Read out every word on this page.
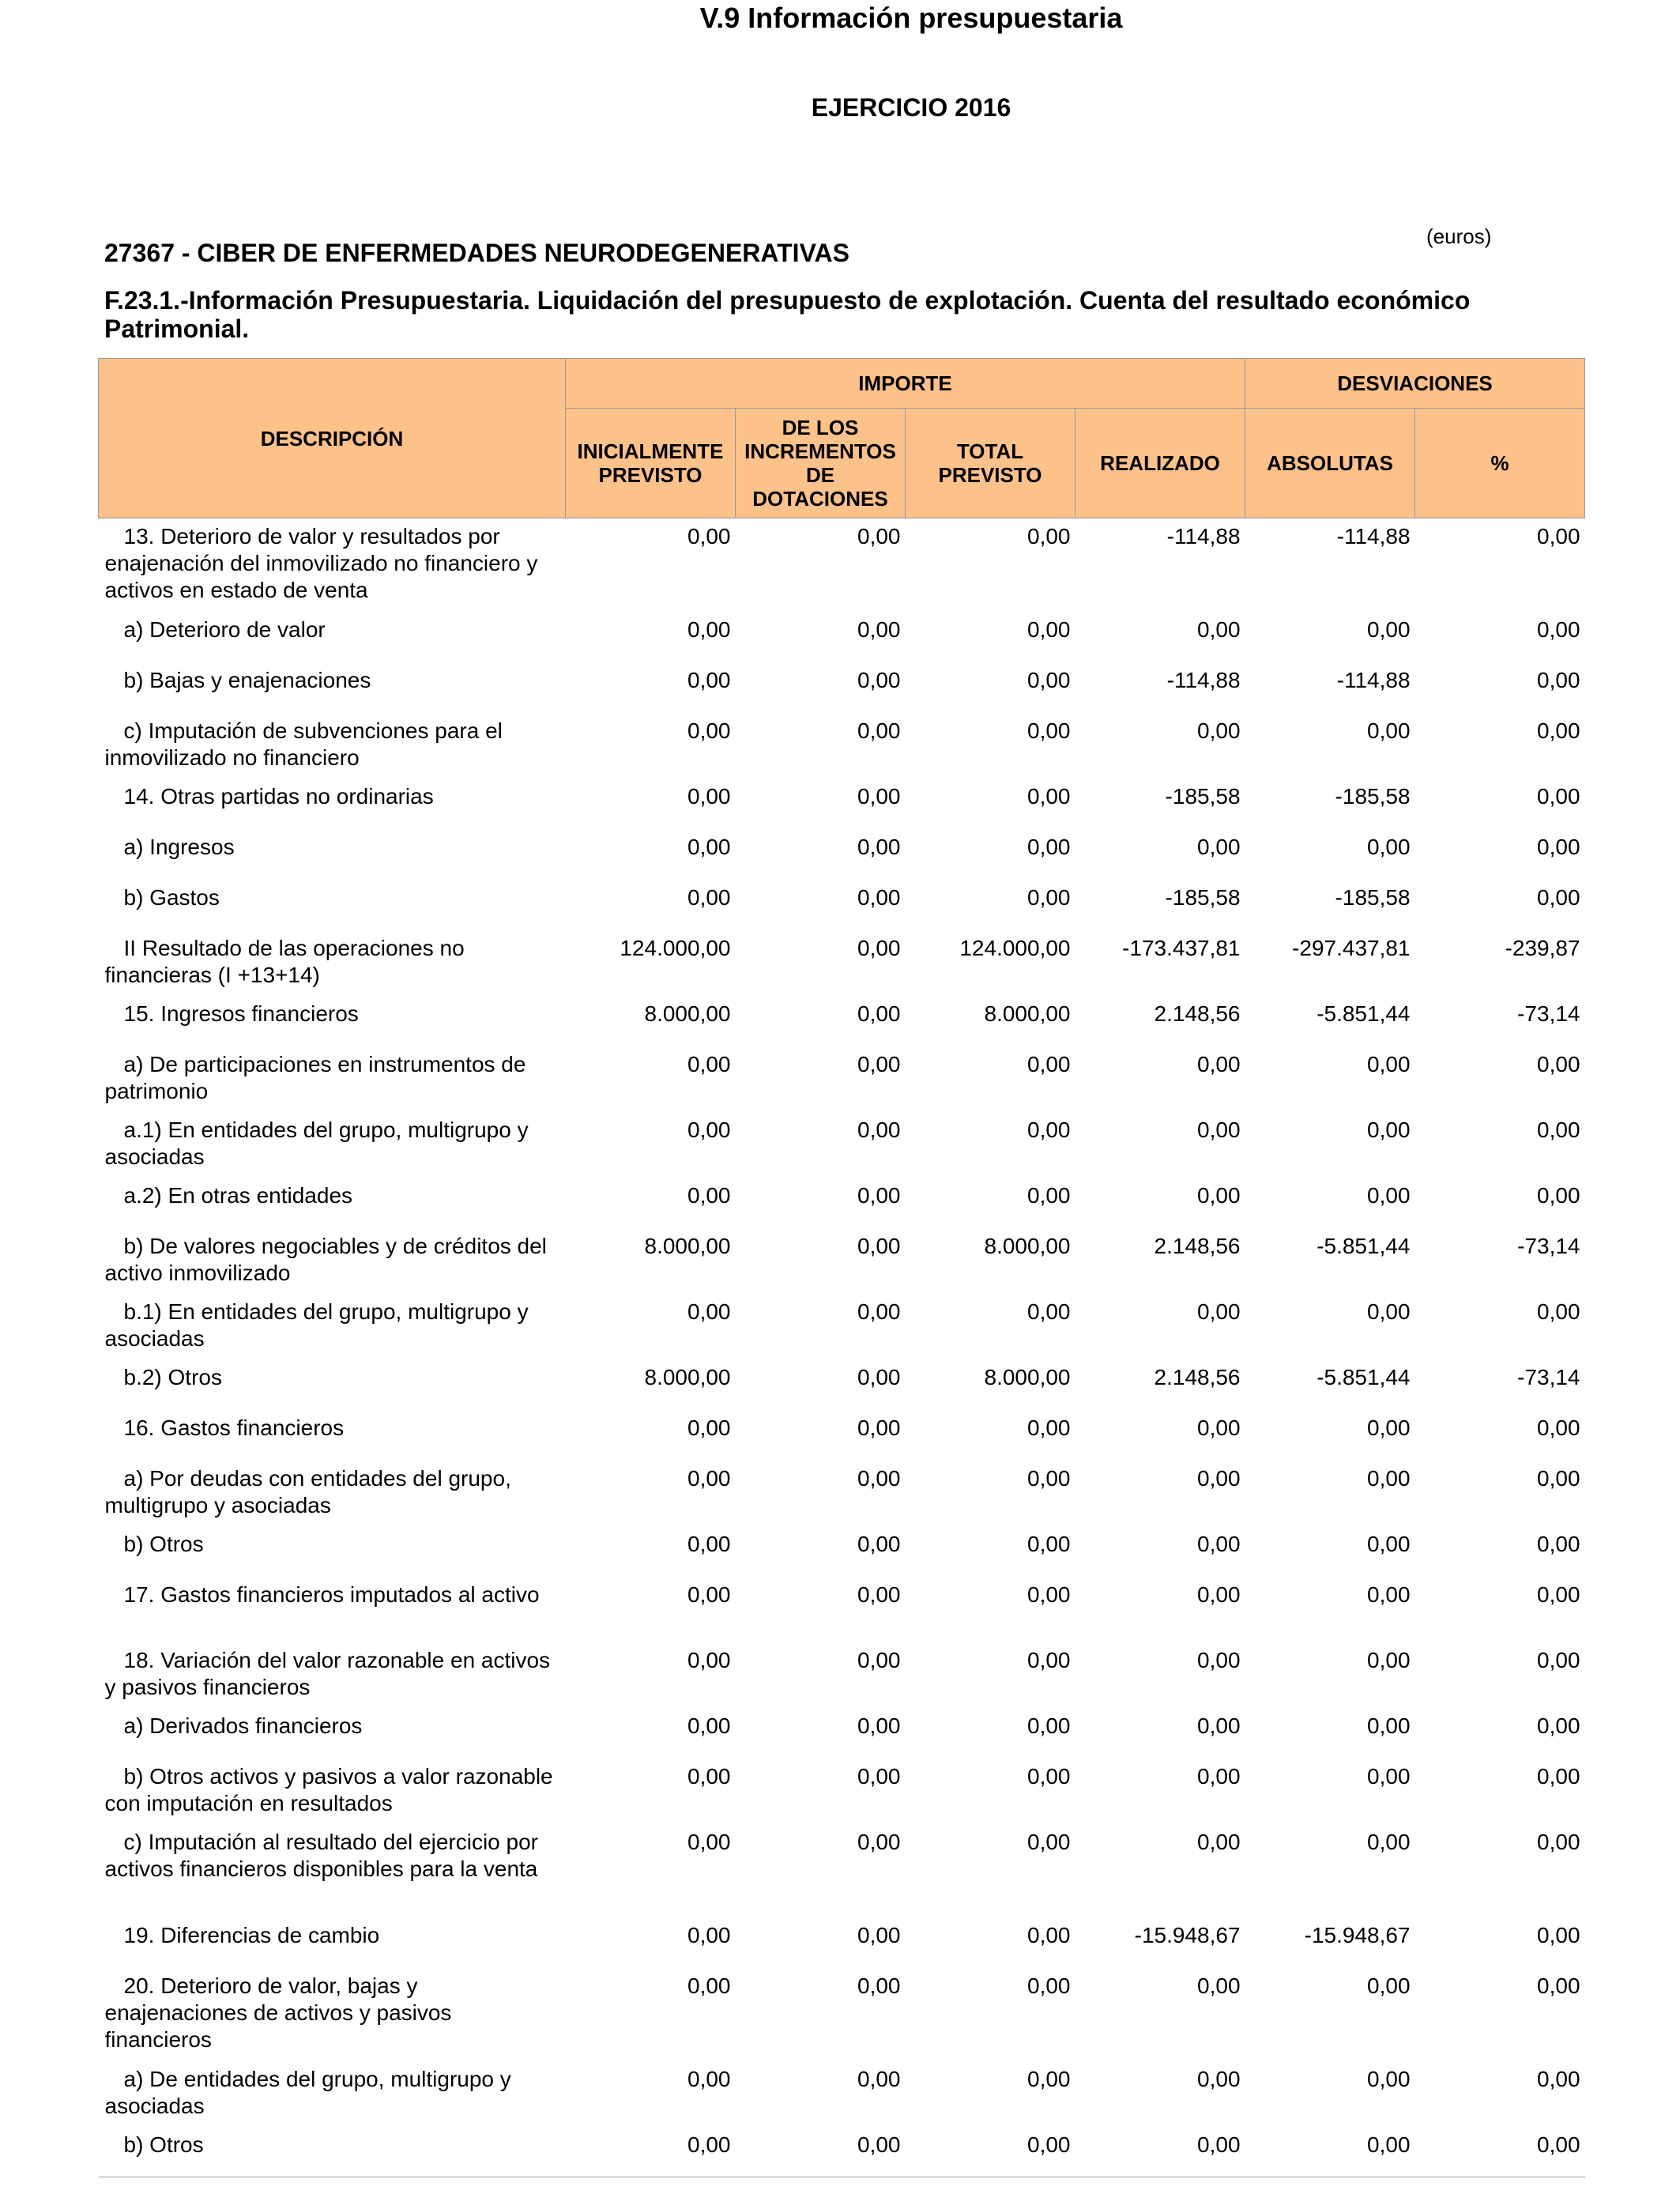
V.9 Información presupuestaria
EJERCICIO 2016
(euros)
27367 - CIBER DE ENFERMEDADES NEURODEGENERATIVAS
F.23.1.-Información Presupuestaria. Liquidación del presupuesto de explotación. Cuenta del resultado económico Patrimonial.
DESCRIPCIÓN	IMPORTE				DESVIACIONES	
	INICIALMENTE PREVISTO	DE LOS INCREMENTOS DE DOTACIONES	TOTAL PREVISTO	REALIZADO	ABSOLUTAS	%
13. Deterioro de valor y resultados por enajenación del inmovilizado no financiero y activos en estado de venta	0,00	0,00	0,00	-114,88	-114,88	0,00
a) Deterioro de valor	0,00	0,00	0,00	0,00	0,00	0,00
b) Bajas y enajenaciones	0,00	0,00	0,00	-114,88	-114,88	0,00
c) Imputación de subvenciones para el inmovilizado no financiero	0,00	0,00	0,00	0,00	0,00	0,00
14. Otras partidas no ordinarias	0,00	0,00	0,00	-185,58	-185,58	0,00
a) Ingresos	0,00	0,00	0,00	0,00	0,00	0,00
b) Gastos	0,00	0,00	0,00	-185,58	-185,58	0,00
II Resultado de las operaciones no financieras (I +13+14)	124.000,00	0,00	124.000,00	-173.437,81	-297.437,81	-239,87
15. Ingresos financieros	8.000,00	0,00	8.000,00	2.148,56	-5.851,44	-73,14
a) De participaciones en instrumentos de patrimonio	0,00	0,00	0,00	0,00	0,00	0,00
a.1) En entidades del grupo, multigrupo y asociadas	0,00	0,00	0,00	0,00	0,00	0,00
a.2) En otras entidades	0,00	0,00	0,00	0,00	0,00	0,00
b) De valores negociables y de créditos del activo inmovilizado	8.000,00	0,00	8.000,00	2.148,56	-5.851,44	-73,14
b.1) En entidades del grupo, multigrupo y asociadas	0,00	0,00	0,00	0,00	0,00	0,00
b.2) Otros	8.000,00	0,00	8.000,00	2.148,56	-5.851,44	-73,14
16. Gastos financieros	0,00	0,00	0,00	0,00	0,00	0,00
a) Por deudas con entidades del grupo, multigrupo y asociadas	0,00	0,00	0,00	0,00	0,00	0,00
b) Otros	0,00	0,00	0,00	0,00	0,00	0,00
17. Gastos financieros imputados al activo	0,00	0,00	0,00	0,00	0,00	0,00
18. Variación del valor razonable en activos y pasivos financieros	0,00	0,00	0,00	0,00	0,00	0,00
a) Derivados financieros	0,00	0,00	0,00	0,00	0,00	0,00
b) Otros activos y pasivos a valor razonable con imputación en resultados	0,00	0,00	0,00	0,00	0,00	0,00
c) Imputación al resultado del ejercicio por activos financieros disponibles para la venta	0,00	0,00	0,00	0,00	0,00	0,00
19. Diferencias de cambio	0,00	0,00	0,00	-15.948,67	-15.948,67	0,00
20. Deterioro de valor, bajas y enajenaciones de activos y pasivos financieros	0,00	0,00	0,00	0,00	0,00	0,00
a) De entidades del grupo, multigrupo y asociadas	0,00	0,00	0,00	0,00	0,00	0,00
b) Otros	0,00	0,00	0,00	0,00	0,00	0,00
